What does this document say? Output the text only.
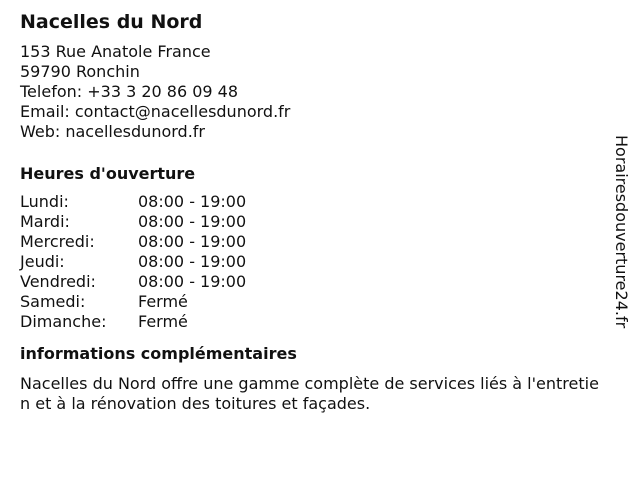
Nacelles du Nord
153 Rue Anatole France
59790 Ronchin
Telefon: +33 3 20 86 09 48
Email: contact@nacellesdunord.fr
Web: nacellesdunord.fr
Heures d'ouverture
Lundi:	08:00 - 19:00
Mardi:	08:00 - 19:00
Mercredi:	08:00 - 19:00
Jeudi:	08:00 - 19:00
Vendredi:	08:00 - 19:00
Samedi:	Fermé
Dimanche:	Fermé
informations complémentaires
Nacelles du Nord offre une gamme complète de services liés à l'entretien et à la rénovation des toitures et façades.
Horairesdouverture24.fr
